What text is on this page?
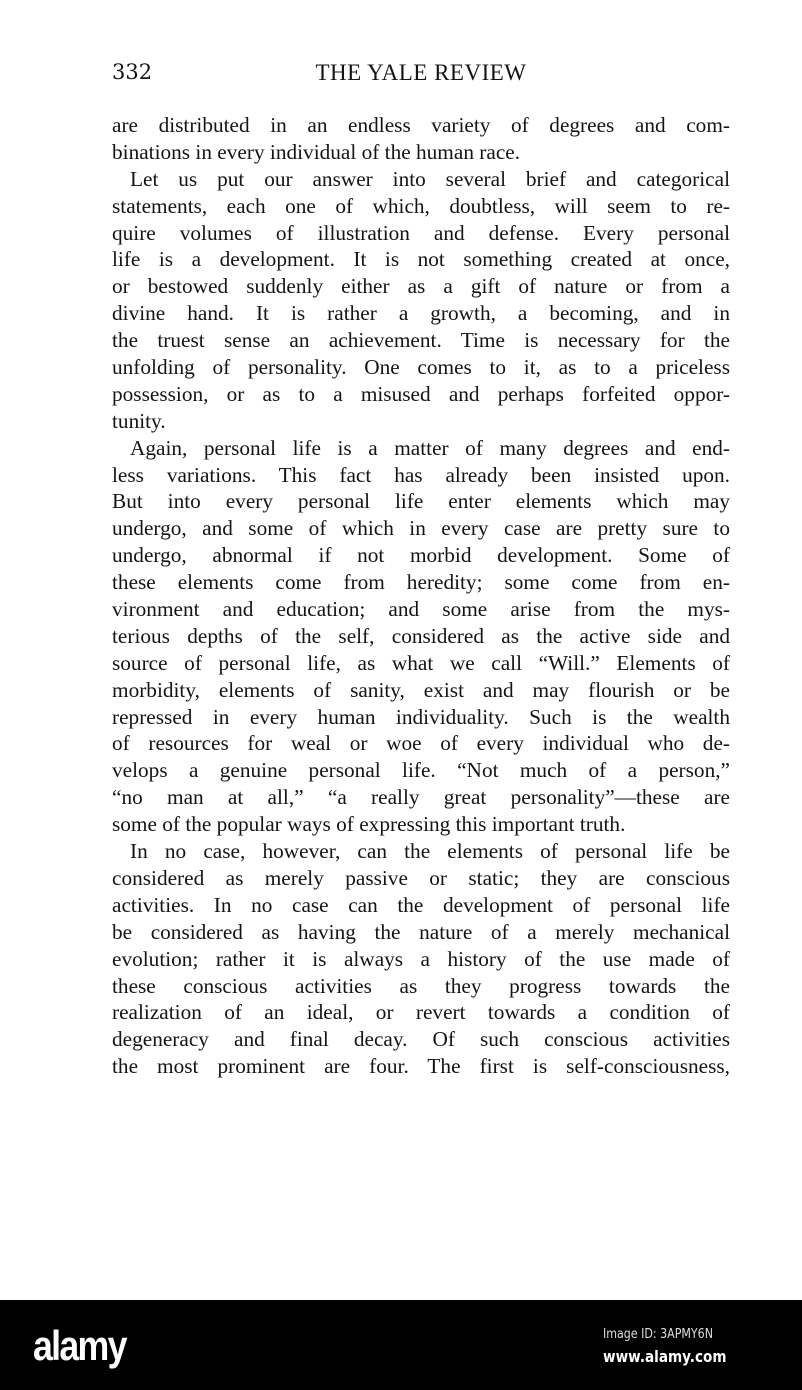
332	THE YALE REVIEW
are distributed in an endless variety of degrees and com-
binations in every individual of the human race.
Let us put our answer into several brief and categorical
statements, each one of which, doubtless, will seem to re-
quire volumes of illustration and defense. Every personal
life is a development. It is not something created at once,
or bestowed suddenly either as a gift of nature or from a
divine hand. It is rather a growth, a becoming, and in
the truest sense an achievement. Time is necessary for the
unfolding of personality. One comes to it, as to a priceless
possession, or as to a misused and perhaps forfeited oppor-
tunity.
Again, personal life is a matter of many degrees and end-
less variations. This fact has already been insisted upon.
But into every personal life enter elements which may
undergo, and some of which in every case are pretty sure to
undergo, abnormal if not morbid development. Some of
these elements come from heredity; some come from en-
vironment and education; and some arise from the mys-
terious depths of the self, considered as the active side and
source of personal life, as what we call “Will.” Elements of
morbidity, elements of sanity, exist and may flourish or be
repressed in every human individuality. Such is the wealth
of resources for weal or woe of every individual who de-
velops a genuine personal life. “Not much of a person,”
“no man at all,” “a really great personality”—these are
some of the popular ways of expressing this important truth.
In no case, however, can the elements of personal life be
considered as merely passive or static; they are conscious
activities. In no case can the development of personal life
be considered as having the nature of a merely mechanical
evolution; rather it is always a history of the use made of
these conscious activities as they progress towards the
realization of an ideal, or revert towards a condition of
degeneracy and final decay. Of such conscious activities
the most prominent are four. The first is self-consciousness,
alamy	Image ID: 3APMY6N
www.alamy.com
